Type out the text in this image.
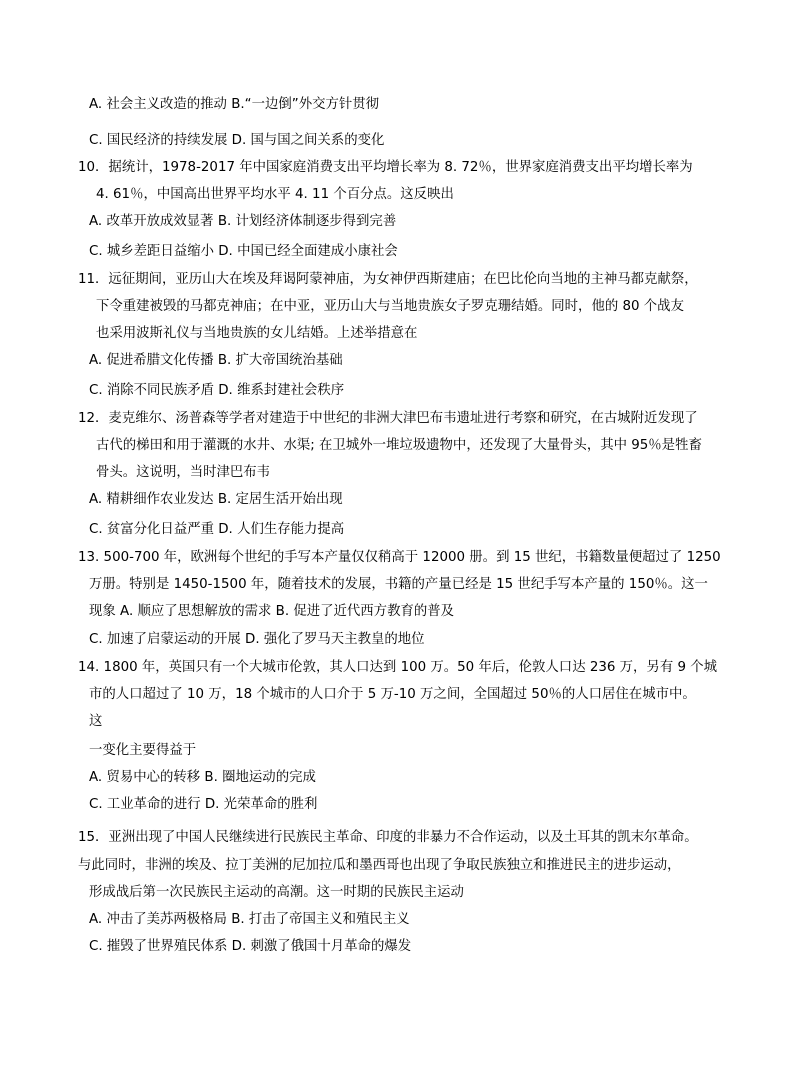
A. 社会主义改造的推动 B.“一边倒”外交方针贯彻
C. 国民经济的持续发展 D. 国与国之间关系的变化
10．据统计，1978-2017 年中国家庭消费支出平均增长率为 8. 72％，世界家庭消费支出平均增长率为
4. 61％，中国高出世界平均水平 4. 11 个百分点。这反映出
A. 改革开放成效显著 B. 计划经济体制逐步得到完善
C. 城乡差距日益缩小 D. 中国已经全面建成小康社会
11．远征期间，亚历山大在埃及拜谒阿蒙神庙，为女神伊西斯建庙；在巴比伦向当地的主神马都克献祭，
下令重建被毁的马都克神庙；在中亚，亚历山大与当地贵族女子罗克珊结婚。同时，他的 80 个战友
也采用波斯礼仪与当地贵族的女儿结婚。上述举措意在
A. 促进希腊文化传播 B. 扩大帝国统治基础
C. 消除不同民族矛盾 D. 维系封建社会秩序
12．麦克维尔、汤普森等学者对建造于中世纪的非洲大津巴布韦遗址进行考察和研究，在古城附近发现了
古代的梯田和用于灌溉的水井、水渠; 在卫城外一堆垃圾遗物中，还发现了大量骨头，其中 95％是牲畜
骨头。这说明，当时津巴布韦
A. 精耕细作农业发达 B. 定居生活开始出现
C. 贫富分化日益严重 D. 人们生存能力提高
13. 500-700 年，欧洲每个世纪的手写本产量仅仅稍高于 12000 册。到 15 世纪，书籍数量便超过了 1250
万册。特别是 1450-1500 年，随着技术的发展，书籍的产量已经是 15 世纪手写本产量的 150％。这一
现象 A. 顺应了思想解放的需求 B. 促进了近代西方教育的普及
C. 加速了启蒙运动的开展 D. 强化了罗马天主教皇的地位
14. 1800 年，英国只有一个大城市伦敦，其人口达到 100 万。50 年后，伦敦人口达 236 万，另有 9 个城
市的人口超过了 10 万，18 个城市的人口介于 5 万-10 万之间，全国超过 50％的人口居住在城市中。
这
一变化主要得益于
A. 贸易中心的转移 B. 圈地运动的完成
C. 工业革命的进行 D. 光荣革命的胜利
15．亚洲出现了中国人民继续进行民族民主革命、印度的非暴力不合作运动，以及土耳其的凯末尔革命。
与此同时，非洲的埃及、拉丁美洲的尼加拉瓜和墨西哥也出现了争取民族独立和推进民主的进步运动，
形成战后第一次民族民主运动的高潮。这一时期的民族民主运动
A. 冲击了美苏两极格局 B. 打击了帝国主义和殖民主义
C. 摧毁了世界殖民体系 D. 刺激了俄国十月革命的爆发
